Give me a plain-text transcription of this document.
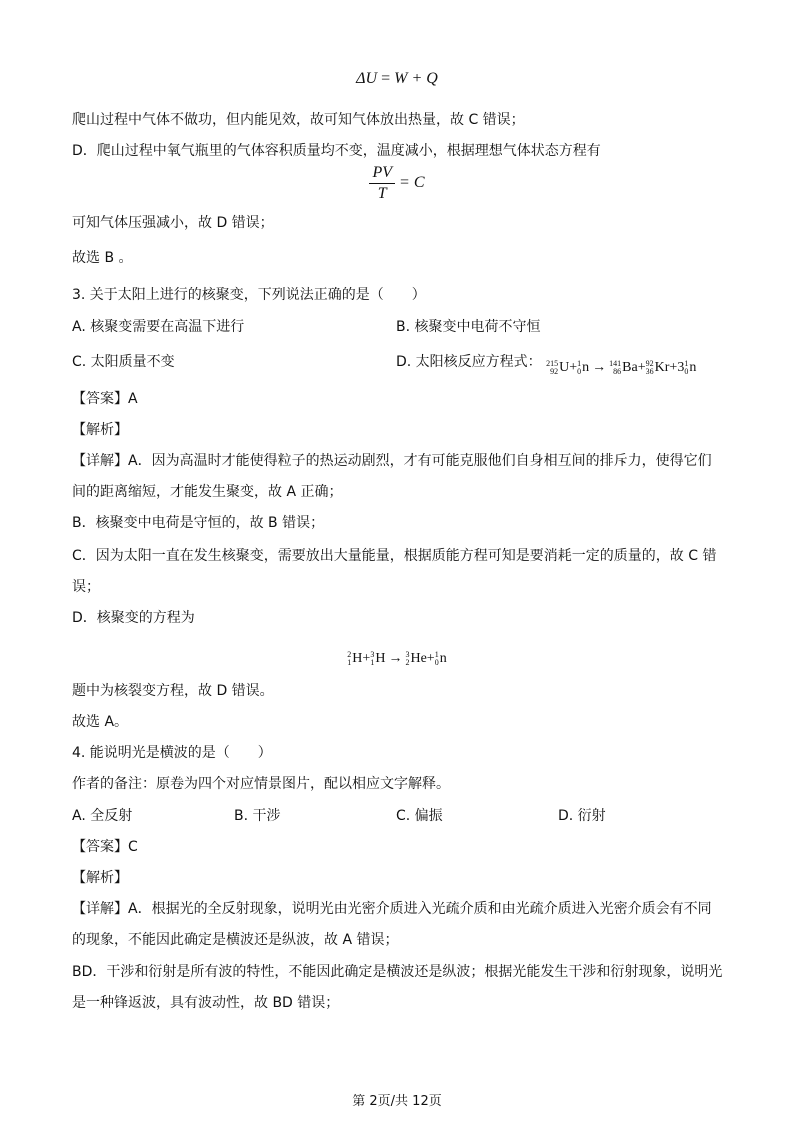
ΔU = W + Q
爬山过程中气体不做功，但内能见效，故可知气体放出热量，故 C 错误；
D．爬山过程中氧气瓶里的气体容积质量均不变，温度减小，根据理想气体状态方程有
$\frac{PV}{T} = C$
可知气体压强减小，故 D 错误；
故选 B 。
3. 关于太阳上进行的核聚变，下列说法正确的是（　　）
A. 核聚变需要在高温下进行	B. 核聚变中电荷不守恒
C. 太阳质量不变	D. 太阳核反应方程式： 215
92 U + 1
0 n → 141
86 Ba + 92
36 Kr + 3 1
0 n
【答案】A
【解析】
【详解】A．因为高温时才能使得粒子的热运动剧烈，才有可能克服他们自身相互间的排斥力，使得它们
间的距离缩短，才能发生聚变，故 A 正确；
B．核聚变中电荷是守恒的，故 B 错误；
C．因为太阳一直在发生核聚变，需要放出大量能量，根据质能方程可知是要消耗一定的质量的，故 C 错
误；
D．核聚变的方程为
2
1 H + 3
1 H → 3
2 He + 1
0 n
题中为核裂变方程，故 D 错误。
故选 A。
4. 能说明光是横波的是（　　）
作者的备注：原卷为四个对应情景图片，配以相应文字解释。
A. 全反射	B. 干涉	C. 偏振	D. 衍射
【答案】C
【解析】
【详解】A．根据光的全反射现象，说明光由光密介质进入光疏介质和由光疏介质进入光密介质会有不同
的现象，不能因此确定是横波还是纵波，故 A 错误；
BD．干涉和衍射是所有波的特性，不能因此确定是横波还是纵波；根据光能发生干涉和衍射现象，说明光
是一种锋返波，具有波动性，故 BD 错误；
第 2页/共 12页
